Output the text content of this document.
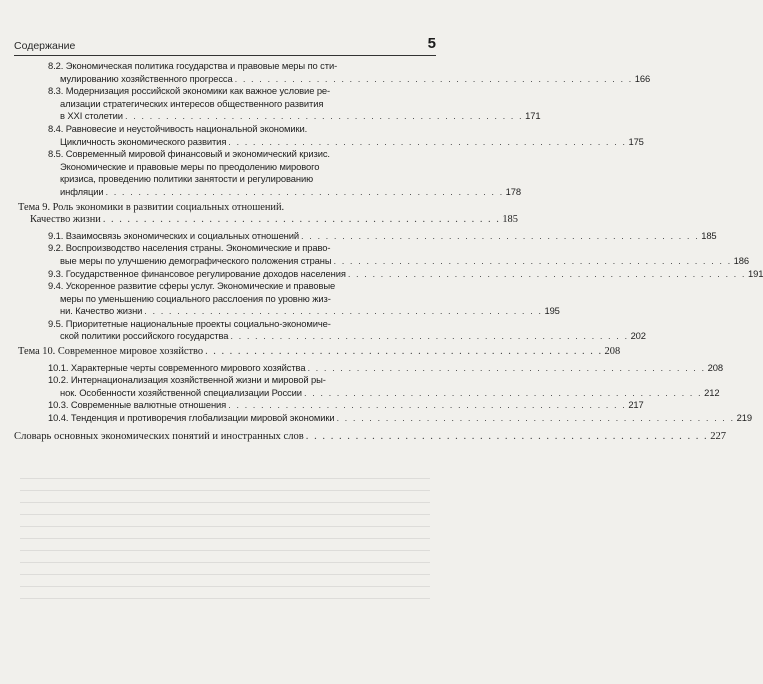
Содержание	5
8.2. Экономическая политика государства и правовые меры по сти-
мулированию хозяйственного прогресса . . . . . . . . . . . . . . . . . . . . . . . . . . . . . . . . . . . . . . . . . . . . . . . . . 166
8.3. Модернизация российской экономики как важное условие ре-
ализации стратегических интересов общественного развития
в XXI столетии . . . . . . . . . . . . . . . . . . . . . . . . . . . . . . . . . . . . . . . . . . . . . . . . . 171
8.4. Равновесие и неустойчивость национальной экономики.
Цикличность экономического развития . . . . . . . . . . . . . . . . . . . . . . . . . . . . . . . . . . . . . . . . . . . . . . . . . 175
8.5. Современный мировой финансовый и экономический кризис.
Экономические и правовые меры по преодолению мирового
кризиса, проведению политики занятости и регулированию
инфляции . . . . . . . . . . . . . . . . . . . . . . . . . . . . . . . . . . . . . . . . . . . . . . . . . 178
Тема 9. Роль экономики в развитии социальных отношений.
Качество жизни . . . . . . . . . . . . . . . . . . . . . . . . . . . . . . . . . . . . . . . . . . . . . . . . . 185
9.1. Взаимосвязь экономических и социальных отношений . . . . . . . . . . . . . . . . . . . . . . . . . . . . . . . . . . . . . . . . . . . . . . . . . 185
9.2. Воспроизводство населения страны. Экономические и право-
вые меры по улучшению демографического положения страны . . . . . . . . . . . . . . . . . . . . . . . . . . . . . . . . . . . . . . . . . . . . . . . . . 186
9.3. Государственное финансовое регулирование доходов населения . . . . . . . . . . . . . . . . . . . . . . . . . . . . . . . . . . . . . . . . . . . . . . . . . 191
9.4. Ускоренное развитие сферы услуг. Экономические и правовые
меры по уменьшению социального расслоения по уровню жиз-
ни. Качество жизни . . . . . . . . . . . . . . . . . . . . . . . . . . . . . . . . . . . . . . . . . . . . . . . . . 195
9.5. Приоритетные национальные проекты социально-экономиче-
ской политики российского государства . . . . . . . . . . . . . . . . . . . . . . . . . . . . . . . . . . . . . . . . . . . . . . . . . 202
Тема 10. Современное мировое хозяйство . . . . . . . . . . . . . . . . . . . . . . . . . . . . . . . . . . . . . . . . . . . . . . . . . 208
10.1. Характерные черты современного мирового хозяйства . . . . . . . . . . . . . . . . . . . . . . . . . . . . . . . . . . . . . . . . . . . . . . . . . 208
10.2. Интернационализация хозяйственной жизни и мировой ры-
нок. Особенности хозяйственной специализации России . . . . . . . . . . . . . . . . . . . . . . . . . . . . . . . . . . . . . . . . . . . . . . . . . 212
10.3. Современные валютные отношения . . . . . . . . . . . . . . . . . . . . . . . . . . . . . . . . . . . . . . . . . . . . . . . . . 217
10.4. Тенденция и противоречия глобализации мировой экономики . . . . . . . . . . . . . . . . . . . . . . . . . . . . . . . . . . . . . . . . . . . . . . . . . 219
Словарь основных экономических понятий и иностранных слов . . . . . . . . . . . . . . . . . . . . . . . . . . . . . . . . . . . . . . . . . . . . . . . . . 227
